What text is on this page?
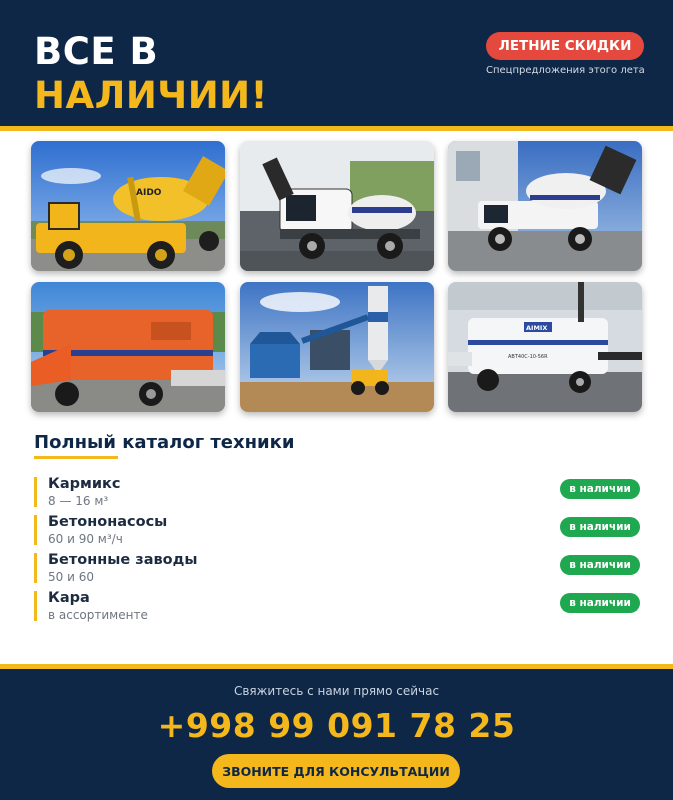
ВСЕ В
НАЛИЧИИ!
ЛЕТНИЕ СКИДКИ
Спецпредложения этого лета
AIDO
AIMIX
ABT40C-10-56R
Полный каталог техники
Кармикс
8 — 16 м³
в наличии
Бетононасосы
60 и 90 м³/ч
в наличии
Бетонные заводы
50 и 60
в наличии
Кара
в ассортименте
в наличии
Свяжитесь с нами прямо сейчас
+998 99 091 78 25
ЗВОНИТЕ ДЛЯ КОНСУЛЬТАЦИИ
